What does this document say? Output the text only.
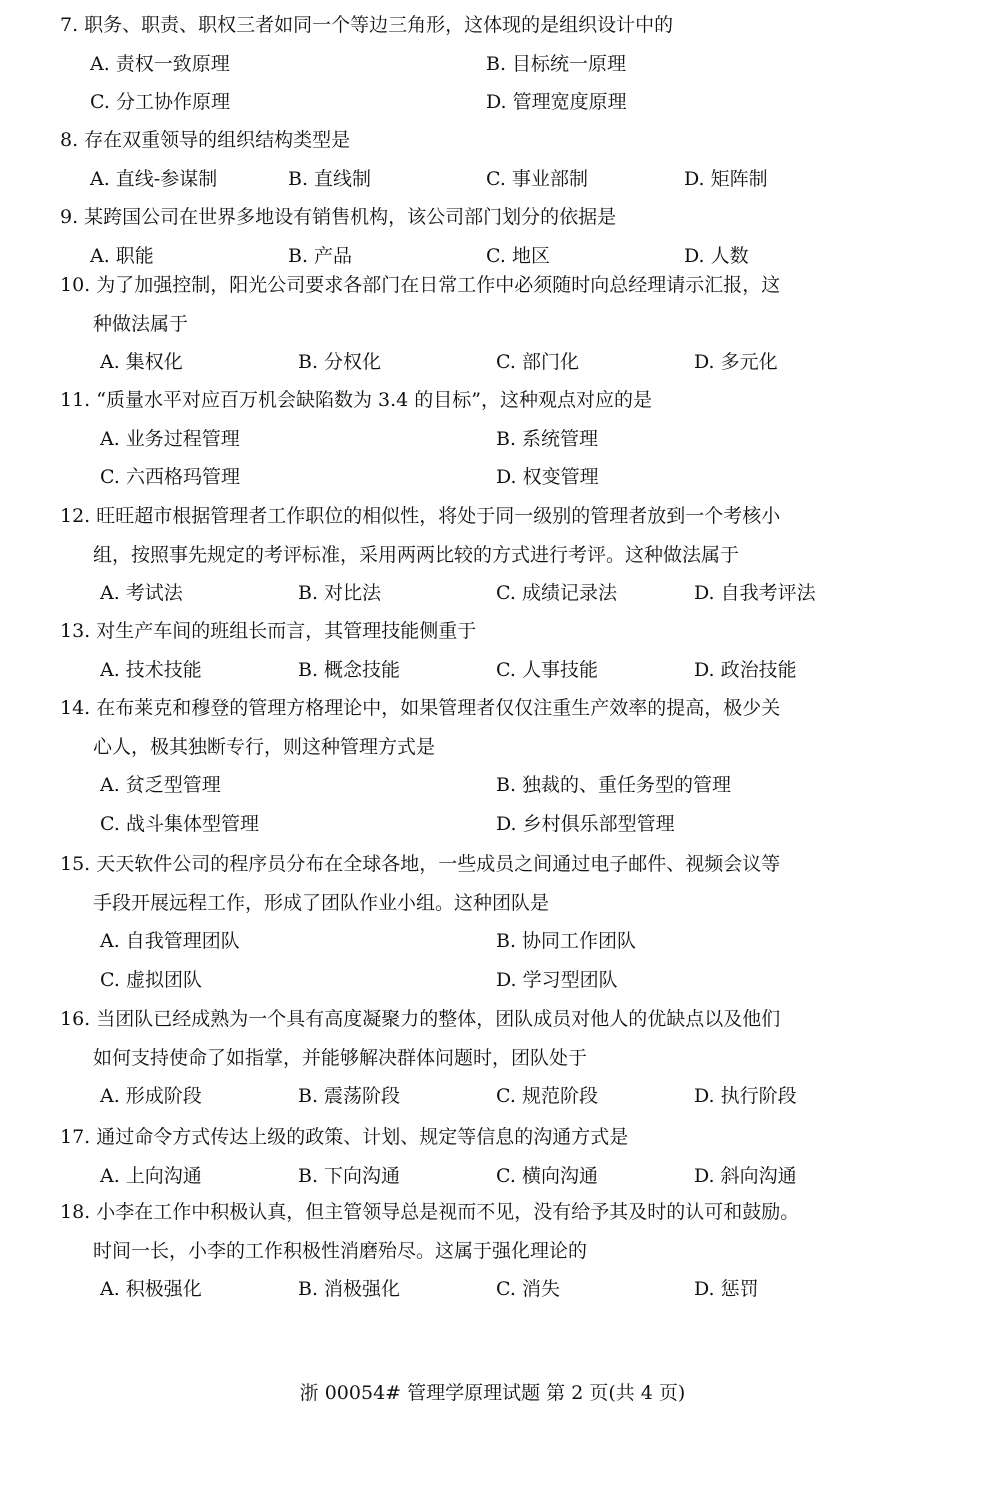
7. 职务、职责、职权三者如同一个等边三角形，这体现的是组织设计中的
A. 责权一致原理	B. 目标统一原理
C. 分工协作原理	D. 管理宽度原理
8. 存在双重领导的组织结构类型是
A. 直线-参谋制	B. 直线制	C. 事业部制	D. 矩阵制
9. 某跨国公司在世界多地设有销售机构，该公司部门划分的依据是
A. 职能	B. 产品	C. 地区	D. 人数
10. 为了加强控制，阳光公司要求各部门在日常工作中必须随时向总经理请示汇报，这
种做法属于
A. 集权化	B. 分权化	C. 部门化	D. 多元化
11. “质量水平对应百万机会缺陷数为 3.4 的目标”，这种观点对应的是
A. 业务过程管理	B. 系统管理
C. 六西格玛管理	D. 权变管理
12. 旺旺超市根据管理者工作职位的相似性，将处于同一级别的管理者放到一个考核小
组，按照事先规定的考评标准，采用两两比较的方式进行考评。这种做法属于
A. 考试法	B. 对比法	C. 成绩记录法	D. 自我考评法
13. 对生产车间的班组长而言，其管理技能侧重于
A. 技术技能	B. 概念技能	C. 人事技能	D. 政治技能
14. 在布莱克和穆登的管理方格理论中，如果管理者仅仅注重生产效率的提高，极少关
心人，极其独断专行，则这种管理方式是
A. 贫乏型管理	B. 独裁的、重任务型的管理
C. 战斗集体型管理	D. 乡村俱乐部型管理
15. 天天软件公司的程序员分布在全球各地，一些成员之间通过电子邮件、视频会议等
手段开展远程工作，形成了团队作业小组。这种团队是
A. 自我管理团队	B. 协同工作团队
C. 虚拟团队	D. 学习型团队
16. 当团队已经成熟为一个具有高度凝聚力的整体，团队成员对他人的优缺点以及他们
如何支持使命了如指掌，并能够解决群体问题时，团队处于
A. 形成阶段	B. 震荡阶段	C. 规范阶段	D. 执行阶段
17. 通过命令方式传达上级的政策、计划、规定等信息的沟通方式是
A. 上向沟通	B. 下向沟通	C. 横向沟通	D. 斜向沟通
18. 小李在工作中积极认真，但主管领导总是视而不见，没有给予其及时的认可和鼓励。
时间一长，小李的工作积极性消磨殆尽。这属于强化理论的
A. 积极强化	B. 消极强化	C. 消失	D. 惩罚
浙 00054# 管理学原理试题 第 2 页(共 4 页)
